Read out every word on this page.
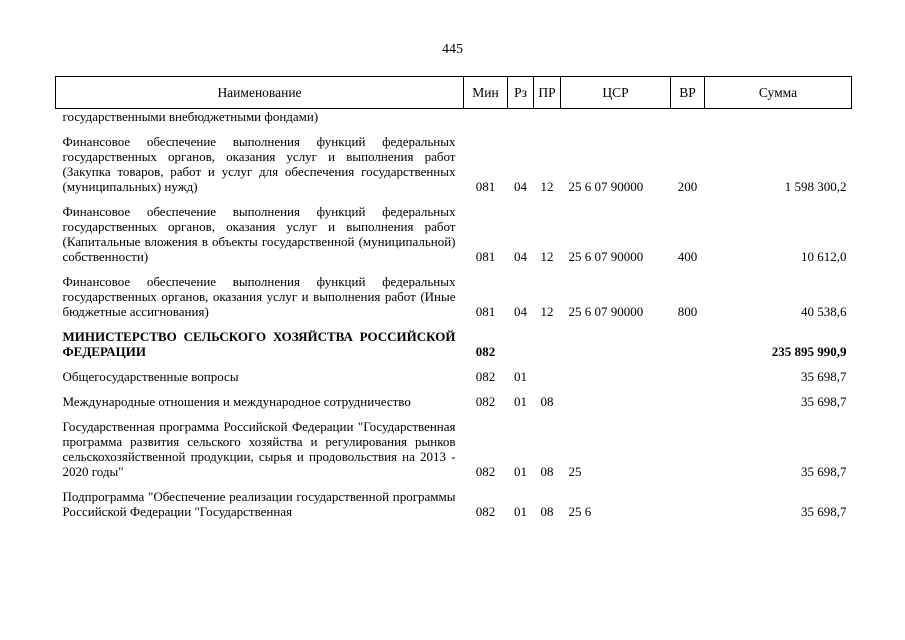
445
Наименование	Мин	Рз	ПР	ЦСР	ВР	Сумма
государственными внебюджетными фондами)						

Финансовое обеспечение выполнения функций федеральных государственных органов, оказания услуг и выполнения работ (Закупка товаров, работ и услуг для обеспечения государственных (муниципальных) нужд)	081	04	12	25 6 07 90000	200	1 598 300,2

Финансовое обеспечение выполнения функций федеральных государственных органов, оказания услуг и выполнения работ (Капитальные вложения в объекты государственной (муниципальной) собственности)	081	04	12	25 6 07 90000	400	10 612,0

Финансовое обеспечение выполнения функций федеральных государственных органов, оказания услуг и выполнения работ (Иные бюджетные ассигнования)	081	04	12	25 6 07 90000	800	40 538,6

МИНИСТЕРСТВО СЕЛЬСКОГО ХОЗЯЙСТВА РОССИЙСКОЙ ФЕДЕРАЦИИ	082					235 895 990,9

Общегосударственные вопросы	082	01				35 698,7

Международные отношения и международное сотрудничество	082	01	08			35 698,7

Государственная программа Российской Федерации "Государственная программа развития сельского хозяйства и регулирования рынков сельскохозяйственной продукции, сырья и продовольствия на 2013 - 2020 годы"	082	01	08	25		35 698,7

Подпрограмма "Обеспечение реализации государственной программы Российской Федерации "Государственная	082	01	08	25 6		35 698,7
